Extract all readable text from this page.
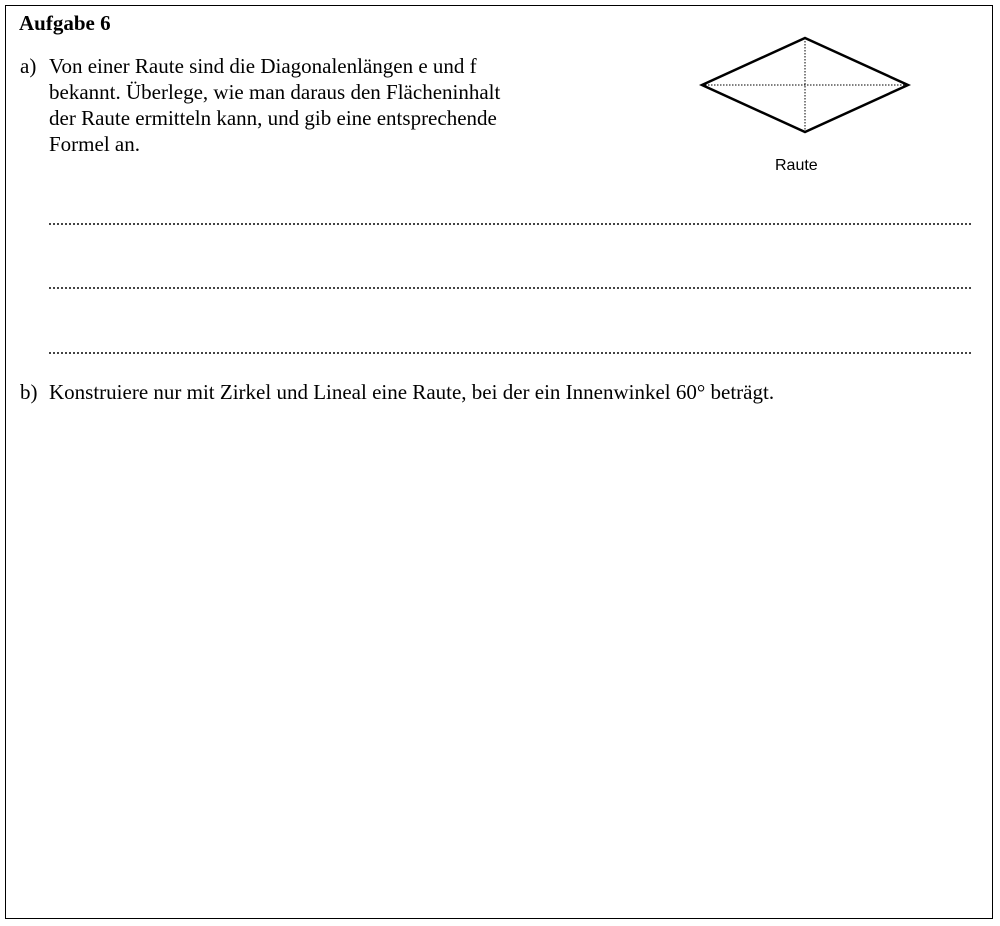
Aufgabe 6
a) Von einer Raute sind die Diagonalenlängen e und f
bekannt. Überlege, wie man daraus den Flächeninhalt
der Raute ermitteln kann, und gib eine entsprechende
Formel an.
Raute
b) Konstruiere nur mit Zirkel und Lineal eine Raute, bei der ein Innenwinkel 60° beträgt.
